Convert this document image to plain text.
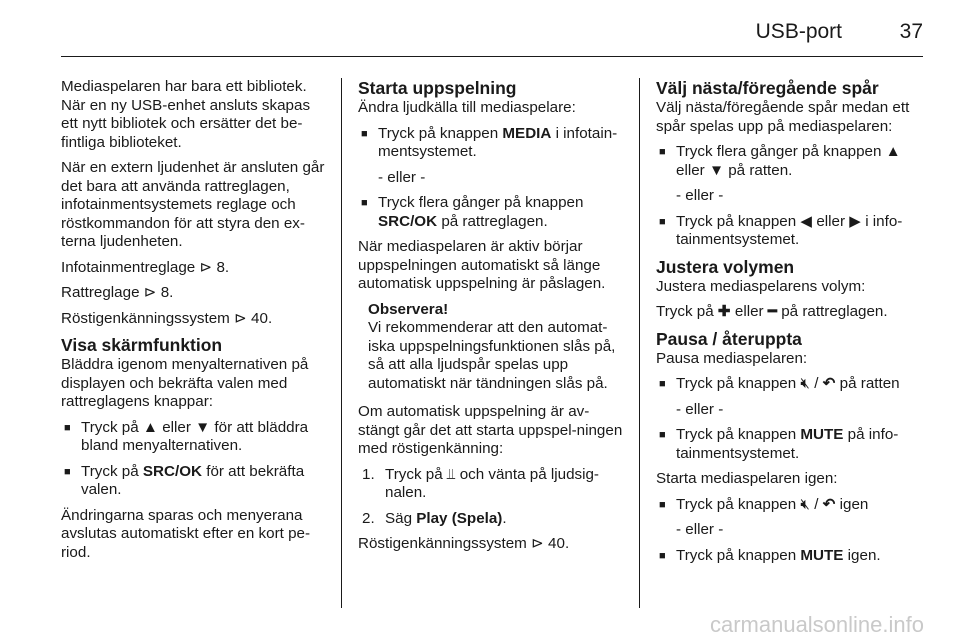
USB-port	37

Mediaspelaren har bara ett bibliotek. När en ny USB-enhet ansluts skapas ett nytt bibliotek och ersätter det be-fintliga biblioteket.

När en extern ljudenhet är ansluten går det bara att använda rattreglagen, infotainmentsystemets reglage och röstkommandon för att styra den ex-terna ljudenheten.

Infotainmentreglage ⊳ 8.

Rattreglage ⊳ 8.

Röstigenkänningssystem ⊳ 40.

Visa skärmfunktion

Bläddra igenom menyalternativen på displayen och bekräfta valen med rattreglagens knappar:

■ Tryck på ▲ eller ▼ för att bläddra bland menyalternativen.
■ Tryck på SRC/OK för att bekräfta valen.

Ändringarna sparas och menyerana avslutas automatiskt efter en kort pe-riod.

Starta uppspelning

Ändra ljudkälla till mediaspelare:

■ Tryck på knappen MEDIA i infotain-mentsystemet.
- eller -
■ Tryck flera gånger på knappen SRC/OK på rattreglagen.

När mediaspelaren är aktiv börjar uppspelningen automatiskt så länge automatisk uppspelning är påslagen.

Observera!
Vi rekommenderar att den automat-iska uppspelningsfunktionen slås på, så att alla ljudspår spelas upp automatiskt när tändningen slås på.

Om automatisk uppspelning är av-stängt går det att starta uppspel-ningen med röstigenkänning:

1. Tryck på ⫫ och vänta på ljudsig-nalen.
2. Säg Play (Spela).

Röstigenkänningssystem ⊳ 40.

Välj nästa/föregående spår

Välj nästa/föregående spår medan ett spår spelas upp på mediaspelaren:

■ Tryck flera gånger på knappen ▲ eller ▼ på ratten.
- eller -
■ Tryck på knappen ◀ eller ▶ i info-tainmentsystemet.
Justera volymen

Justera mediaspelarens volym:

Tryck på ✚ eller ━ på rattreglagen.

Pausa / återuppta

Pausa mediaspelaren:

■ Tryck på knappen 🔇︎ / ↶ på ratten
- eller -
■ Tryck på knappen MUTE på info-tainmentsystemet.

Starta mediaspelaren igen:

■ Tryck på knappen 🔇︎ / ↶ igen
- eller -
■ Tryck på knappen MUTE igen.
carmanualsonline.info
